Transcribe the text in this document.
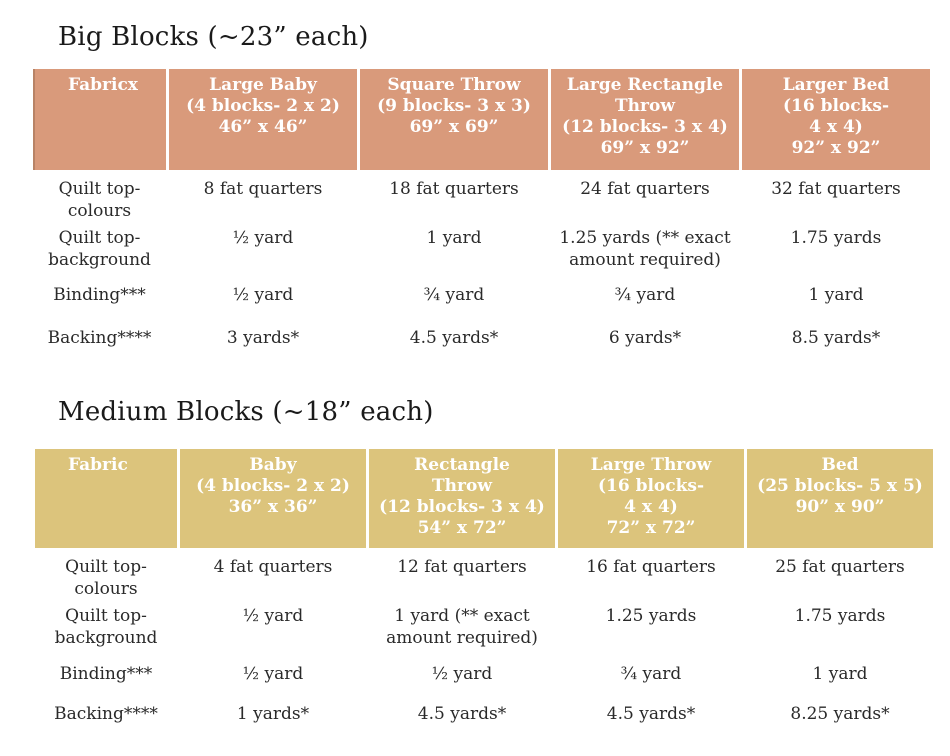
Big Blocks (~23” each)
Fabricx	Large Baby
(4 blocks- 2 x 2)
46” x 46”	Square Throw
(9 blocks- 3 x 3)
69” x 69”	Large Rectangle
Throw
(12 blocks- 3 x 4)
69” x 92”	Larger Bed
(16 blocks-
4 x 4)
92” x 92”
Quilt top-
colours	8 fat quarters	18 fat quarters	24 fat quarters	32 fat quarters
Quilt top-
background	½ yard	1 yard	1.25 yards (** exact
amount required)	1.75 yards
Binding***	½ yard	¾ yard	¾ yard	1 yard
Backing****	3 yards*	4.5 yards*	6 yards*	8.5 yards*
Medium Blocks (~18” each)
Fabric	Baby
(4 blocks- 2 x 2)
36” x 36”	Rectangle
Throw
(12 blocks- 3 x 4)
54” x 72”	Large Throw
(16 blocks-
4 x 4)
72” x 72”	Bed
(25 blocks- 5 x 5)
90” x 90”
Quilt top-
colours	4 fat quarters	12 fat quarters	16 fat quarters	25 fat quarters
Quilt top-
background	½ yard	1 yard (** exact
amount required)	1.25 yards	1.75 yards
Binding***	½ yard	½ yard	¾ yard	1 yard
Backing****	1 yards*	4.5 yards*	4.5 yards*	8.25 yards*
